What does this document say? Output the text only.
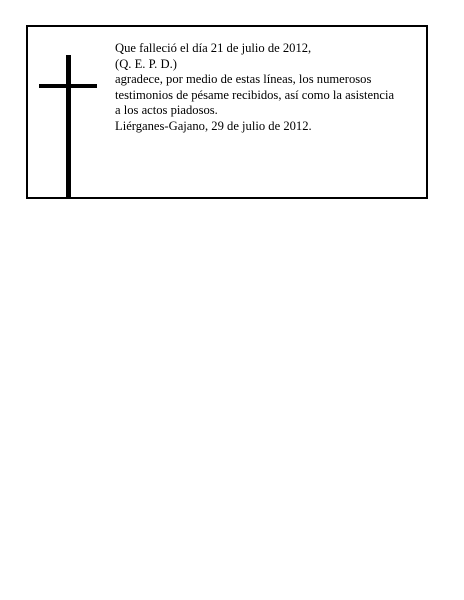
Que falleció el día 21 de julio de 2012,
(Q. E. P. D.)
agradece, por medio de estas líneas, los numerosos
testimonios de pésame recibidos, así como la asistencia
a los actos piadosos.
Liérganes-Gajano, 29 de julio de 2012.
